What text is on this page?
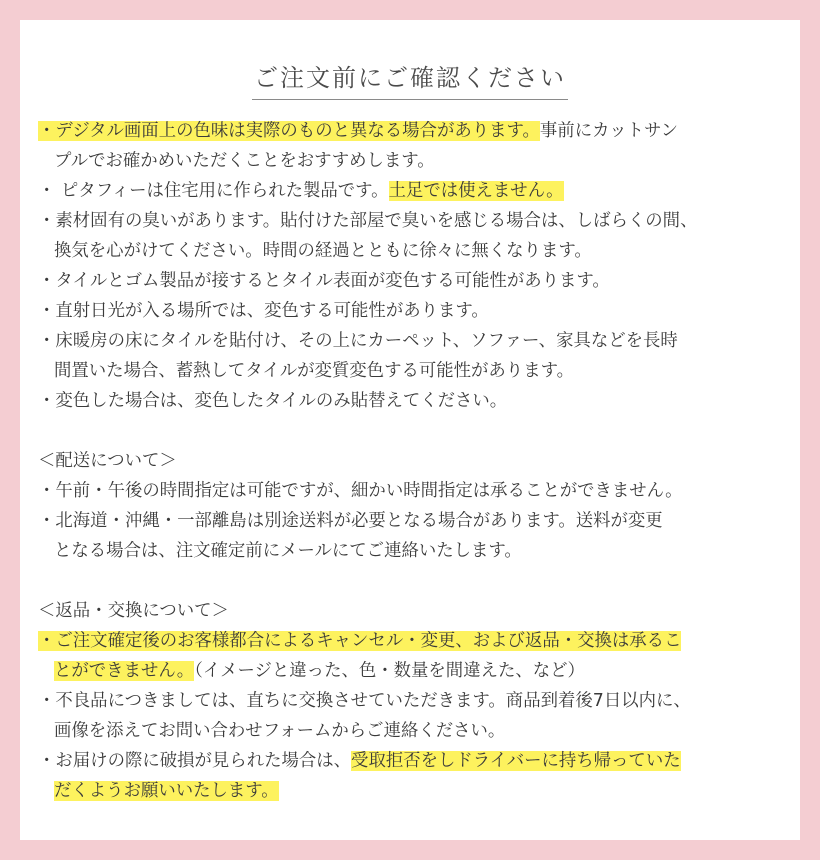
ご注文前にご確認ください
・デジタル画面上の色味は実際のものと異なる場合があります。事前にカットサン
プルでお確かめいただくことをおすすめします。
・ ピタフィーは住宅用に作られた製品です。土足では使えません。
・素材固有の臭いがあります。貼付けた部屋で臭いを感じる場合は、しばらくの間、
換気を心がけてください。時間の経過とともに徐々に無くなります。
・タイルとゴム製品が接するとタイル表面が変色する可能性があります。
・直射日光が入る場所では、変色する可能性があります。
・床暖房の床にタイルを貼付け、その上にカーペット、ソファー、家具などを長時
間置いた場合、蓄熱してタイルが変質変色する可能性があります。
・変色した場合は、変色したタイルのみ貼替えてください。
＜配送について＞
・午前・午後の時間指定は可能ですが、細かい時間指定は承ることができません。
・北海道・沖縄・一部離島は別途送料が必要となる場合があります。送料が変更
となる場合は、注文確定前にメールにてご連絡いたします。
＜返品・交換について＞
・ご注文確定後のお客様都合によるキャンセル・変更、および返品・交換は承るこ
とができません。（イメージと違った、色・数量を間違えた、など）
・不良品につきましては、直ちに交換させていただきます。商品到着後7日以内に、
画像を添えてお問い合わせフォームからご連絡ください。
・お届けの際に破損が見られた場合は、受取拒否をしドライバーに持ち帰っていた
だくようお願いいたします。
